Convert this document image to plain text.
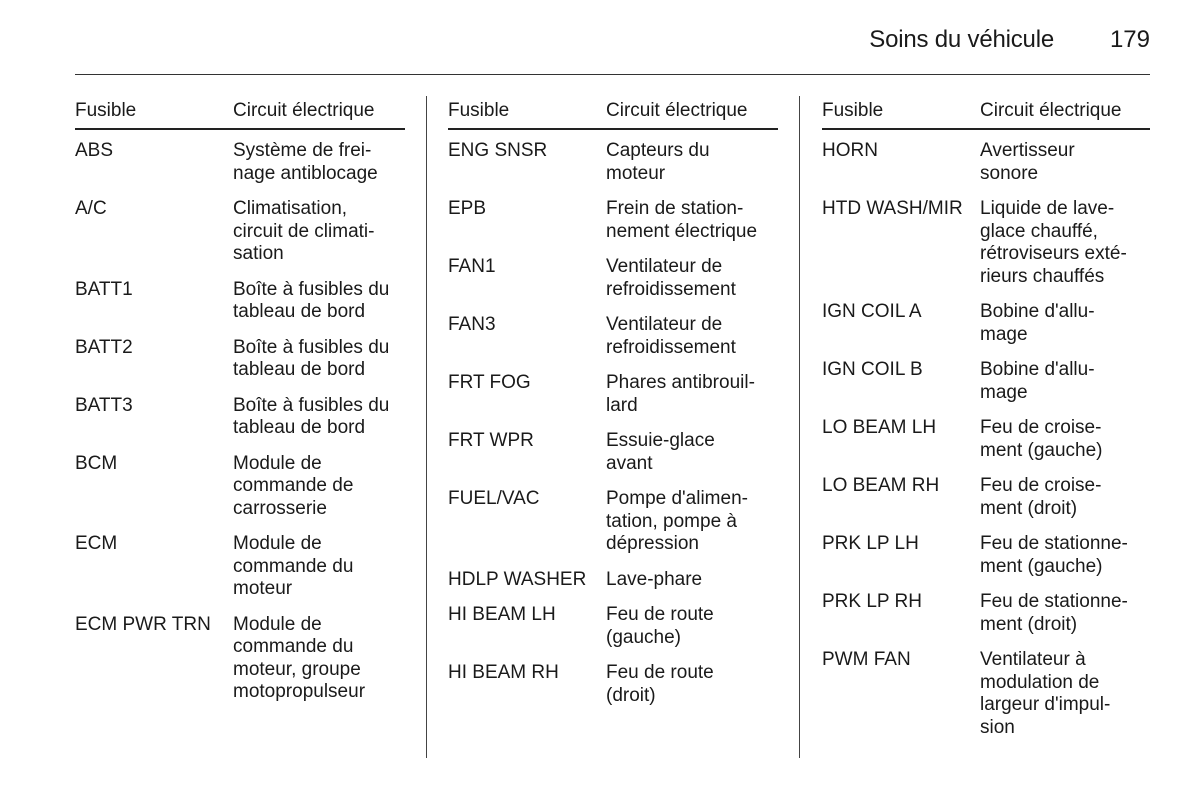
Soins du véhicule 179
Fusible	Circuit électrique
ABS	Système de frei-
nage antiblocage
A/C	Climatisation,
circuit de climati-
sation
BATT1	Boîte à fusibles du
tableau de bord
BATT2	Boîte à fusibles du
tableau de bord
BATT3	Boîte à fusibles du
tableau de bord
BCM	Module de
commande de
carrosserie
ECM	Module de
commande du
moteur
ECM PWR TRN	Module de
commande du
moteur, groupe
motopropulseur
Fusible	Circuit électrique
ENG SNSR	Capteurs du
moteur
EPB	Frein de station-
nement électrique
FAN1	Ventilateur de
refroidissement
FAN3	Ventilateur de
refroidissement
FRT FOG	Phares antibrouil-
lard
FRT WPR	Essuie-glace
avant
FUEL/VAC	Pompe d'alimen-
tation, pompe à
dépression
HDLP WASHER	Lave-phare
HI BEAM LH	Feu de route
(gauche)
HI BEAM RH	Feu de route
(droit)
Fusible	Circuit électrique
HORN	Avertisseur
sonore
HTD WASH/MIR Liquide de lave-
glace chauffé,
rétroviseurs exté-
rieurs chauffés
IGN COIL A	Bobine d'allu-
mage
IGN COIL B	Bobine d'allu-
mage
LO BEAM LH	Feu de croise-
ment (gauche)
LO BEAM RH	Feu de croise-
ment (droit)
PRK LP LH	Feu de stationne-
ment (gauche)
PRK LP RH	Feu de stationne-
ment (droit)
PWM FAN	Ventilateur à
modulation de
largeur d'impul-
sion
